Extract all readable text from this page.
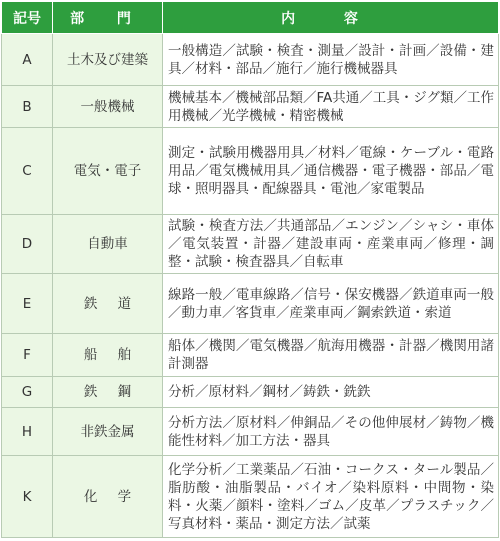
記号	部 門	内 容
A	土木及び建築	一般構造／試験・検査・測量／設計・計画／設備・建具／材料・部品／施行／施行機械器具
B	一般機械	機械基本／機械部品類／FA共通／工具・ジグ類／工作用機械／光学機械・精密機械
C	電気・電子	測定・試験用機器用具／材料／電線・ケーブル・電路用品／電気機械用具／通信機器・電子機器・部品／電球・照明器具・配線器具・電池／家電製品
D	自動車	試験・検査方法／共通部品／エンジン／シャシ・車体／電気装置・計器／建設車両・産業車両／修理・調整・試験・検査器具／自転車
E	鉄 道	線路一般／電車線路／信号・保安機器／鉄道車両一般／動力車／客貨車／産業車両／鋼索鉄道・索道
F	船 舶	船体／機関／電気機器／航海用機器・計器／機関用諸計測器
G	鉄 鋼	分析／原材料／鋼材／鋳鉄・銑鉄
H	非鉄金属	分析方法／原材料／伸銅品／その他伸展材／鋳物／機能性材料／加工方法・器具
K	化 学	化学分析／工業薬品／石油・コークス・タール製品／脂肪酸・油脂製品・バイオ／染料原料・中間物・染料・火薬／顔料・塗料／ゴム／皮革／プラスチック／写真材料・薬品・測定方法／試薬
